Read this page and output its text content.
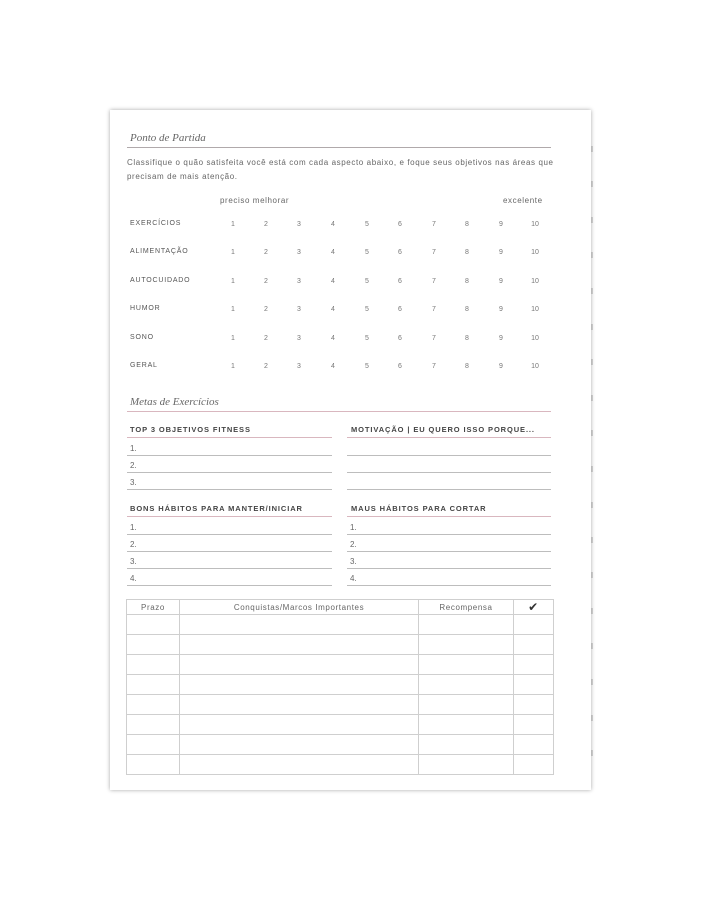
Ponto de Partida
Classifique o quão satisfeita você está com cada aspecto abaixo, e foque seus objetivos nas áreas que precisam de mais atenção.
preciso melhorar	excelente
EXERCÍCIOS	1	2	3	4	5	6	7	8	9	10
ALIMENTAÇÃO	1	2	3	4	5	6	7	8	9	10
AUTOCUIDADO	1	2	3	4	5	6	7	8	9	10
HUMOR	1	2	3	4	5	6	7	8	9	10
SONO	1	2	3	4	5	6	7	8	9	10
GERAL	1	2	3	4	5	6	7	8	9	10
Metas de Exercícios
TOP 3 OBJETIVOS FITNESS	MOTIVAÇÃO | EU QUERO ISSO PORQUE...
1.
2.
3.
BONS HÁBITOS PARA MANTER/INICIAR	MAUS HÁBITOS PARA CORTAR
1.	1.
2.	2.
3.	3.
4.	4.
Prazo	Conquistas/Marcos Importantes	Recompensa	✔
